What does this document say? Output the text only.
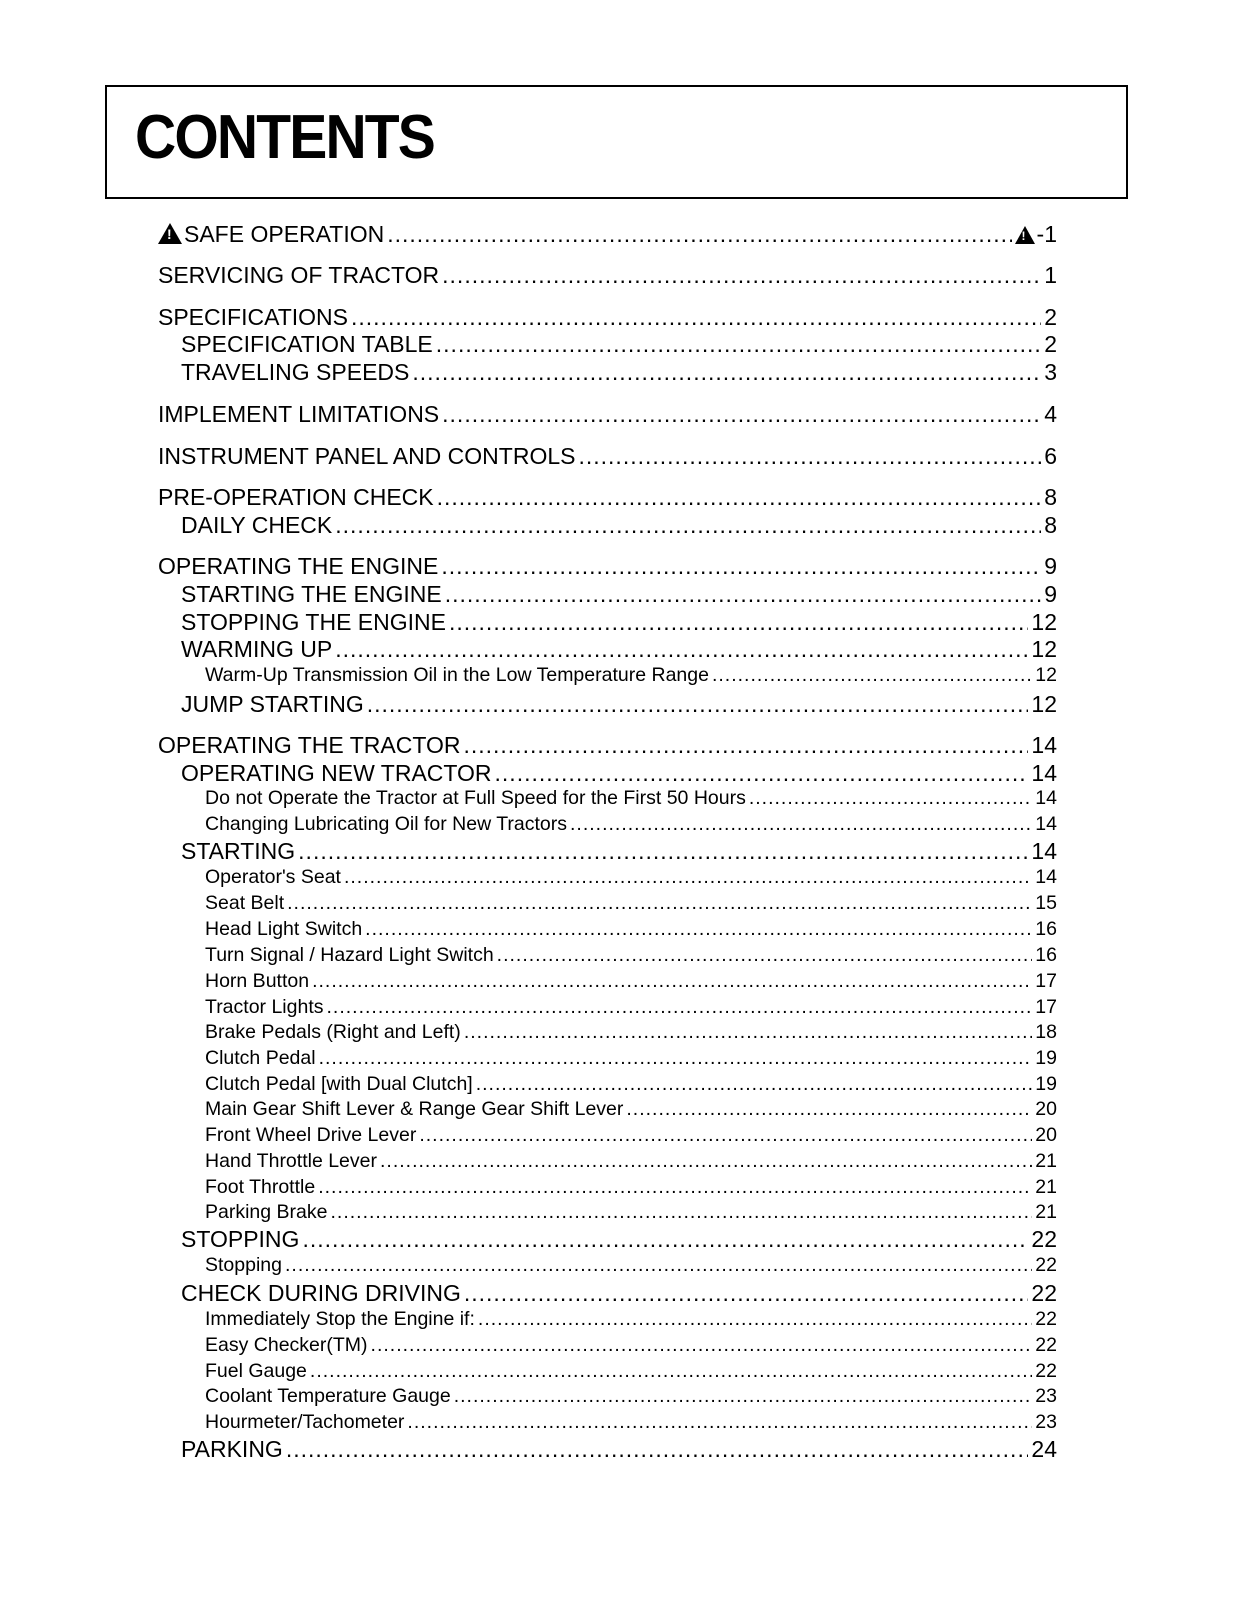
CONTENTS
!SAFE OPERATION ..... !	-1
SERVICING OF TRACTOR .....	1
SPECIFICATIONS .....	2
SPECIFICATION TABLE .....	2
TRAVELING SPEEDS .....	3
IMPLEMENT LIMITATIONS .....	4
INSTRUMENT PANEL AND CONTROLS .....	6
PRE-OPERATION CHECK .....	8
DAILY CHECK .....	8
OPERATING THE ENGINE .....	9
STARTING THE ENGINE .....	9
STOPPING THE ENGINE .....	12
WARMING UP .....	12
Warm-Up Transmission Oil in the Low Temperature Range .....	12
JUMP STARTING .....	12
OPERATING THE TRACTOR .....	14
OPERATING NEW TRACTOR .....	14
Do not Operate the Tractor at Full Speed for the First 50 Hours .....	14
Changing Lubricating Oil for New Tractors .....	14
STARTING .....	14
Operator's Seat .....	14
Seat Belt .....	15
Head Light Switch .....	16
Turn Signal / Hazard Light Switch .....	16
Horn Button .....	17
Tractor Lights .....	17
Brake Pedals (Right and Left) .....	18
Clutch Pedal .....	19
Clutch Pedal [with Dual Clutch] .....	19
Main Gear Shift Lever & Range Gear Shift Lever .....	20
Front Wheel Drive Lever .....	20
Hand Throttle Lever .....	21
Foot Throttle .....	21
Parking Brake .....	21
STOPPING .....	22
Stopping .....	22
CHECK DURING DRIVING .....	22
Immediately Stop the Engine if: .....	22
Easy Checker(TM) .....	22
Fuel Gauge .....	22
Coolant Temperature Gauge .....	23
Hourmeter/Tachometer .....	23
PARKING .....	24
